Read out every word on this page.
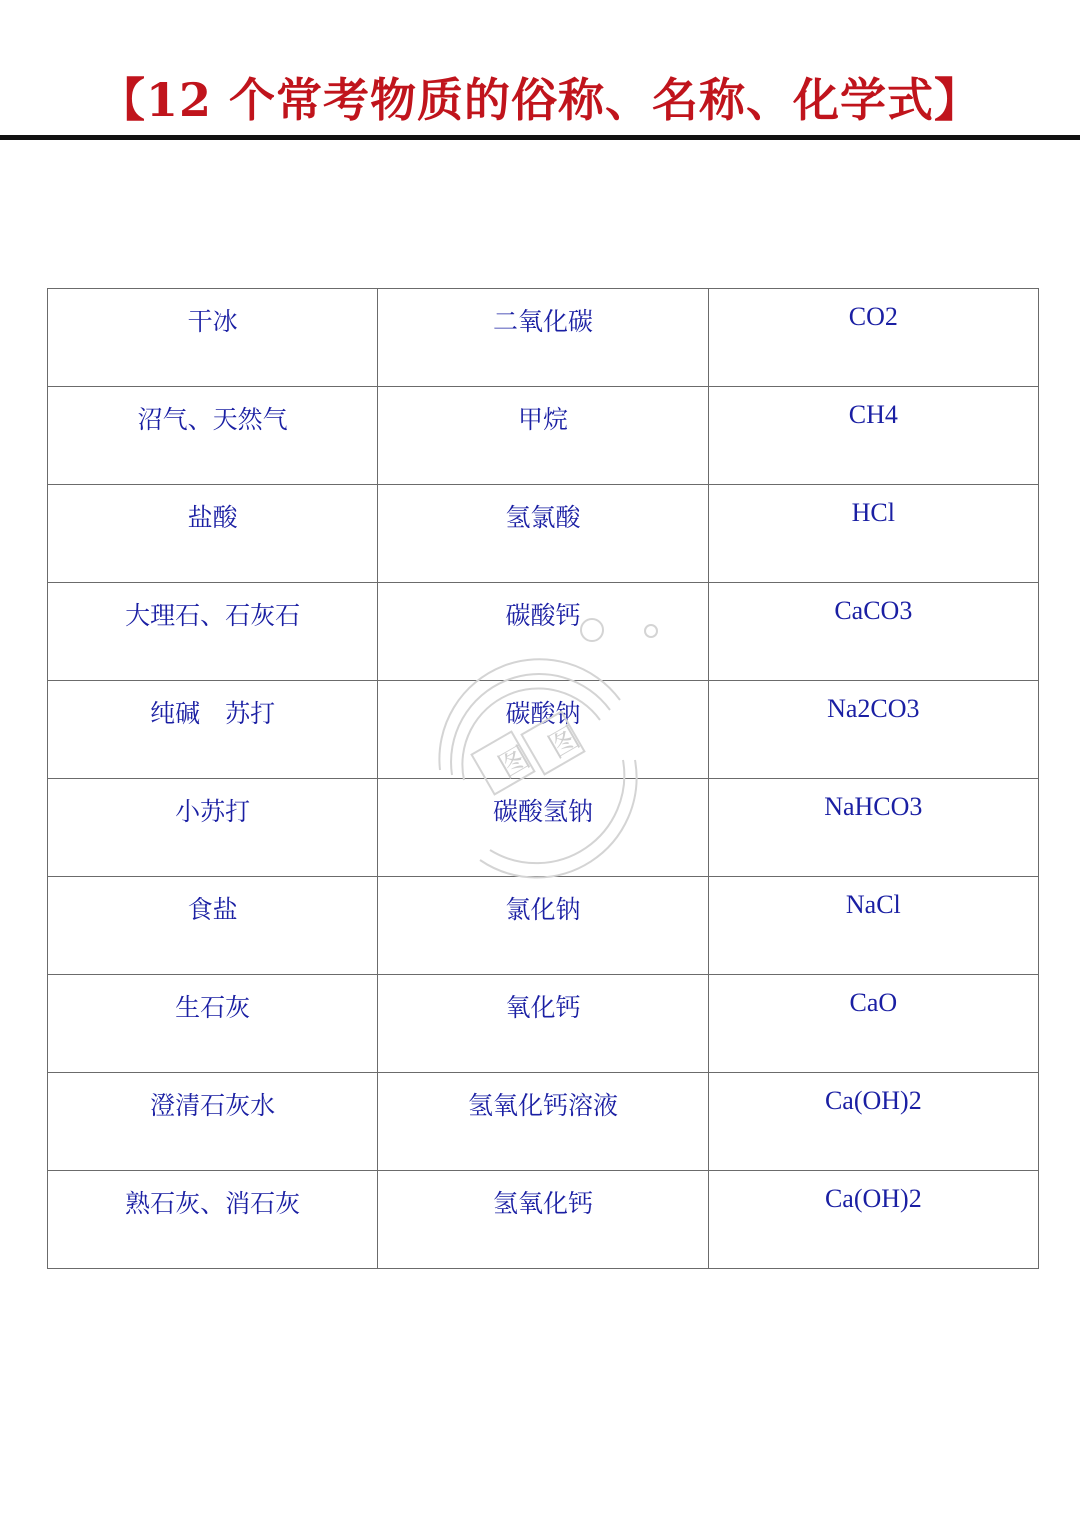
【12 个常考物质的俗称、名称、化学式】
干冰	二氧化碳	CO2
沼气、天然气	甲烷	CH4
盐酸	氢氯酸	HCl
大理石、石灰石	碳酸钙	CaCO3
纯碱　苏打	碳酸钠	Na2CO3
小苏打	碳酸氢钠	NaHCO3
食盐	氯化钠	NaCl
生石灰	氧化钙	CaO
澄清石灰水	氢氧化钙溶液	Ca(OH)2
熟石灰、消石灰	氢氧化钙	Ca(OH)2
图 图
